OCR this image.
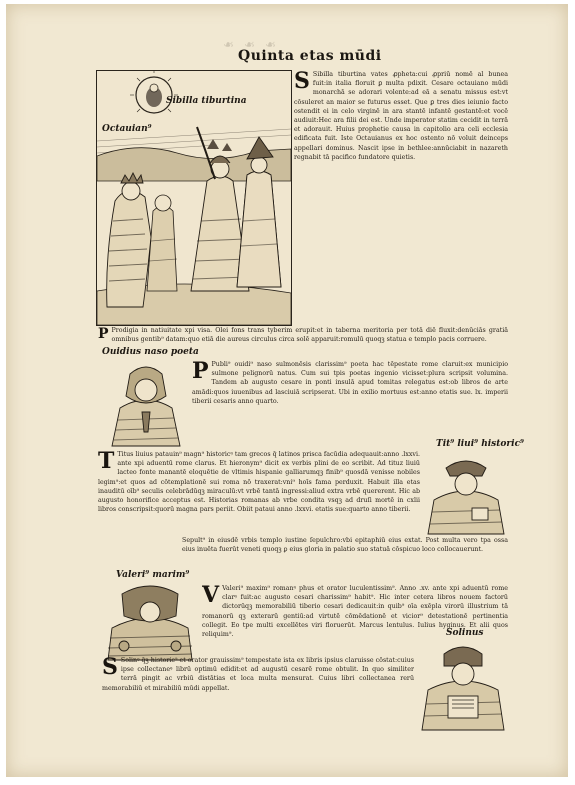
❧ ❧ ❧
Quinta etas mūdi
Sibilla tiburtina
Octauian⁹
S Sibilla tiburtina vates ꝓpheta:cui ꝓpriū nomē al bunea fuit:in italia floruit ꝑ multa pdixit. Cesare octauiano mūdi monarchā se adorari volente:ad eā a senatu missus est:vt cōsuleret an maior se futurus esset. Que ꝑ tres dies ieiunio facto ostendit ei in celo virginē in ara stantē infantē gestantē:et vocē audiuit:Hec ara filii dei est. Unde imperator statim cecidit in terrā et adorauit. Huius prophetie causa in capitolio ara celi ecclesia edificata fuit. Iste Octauianus ex hoc ostento nō voluit deinceps appellari dominus. Nascit ipse in bethlee:annūciabit in nazareth regnabit tā pacifico fundatore quietis.
P Prodigia in natiuitate xpi visa. Olei fons trans tyberim erupit:et in taberna meritoria per totā diē fluxit:denūciās gratiā omnibus gentib⁹ datam:quo etiā die aureus circulus circa solē apparuit:romulū quoqꝫ statua e templo pacis corruere.
Ouidius naso poeta
P Publi⁹ ouidi⁹ naso sulmonēsis clarissim⁹ poeta hac tēpestate rome claruit:ex municipio sulmone pelignorū natus. Cum sui tpis poetas ingenio vicisset:plura scripsit volumina. Tandem ab augusto cesare in ponti insulā apud tomitas relegatus est:ob libros de arte amādi:quos iuuenibus ad lasciuiā scripserat. Ubi in exilio mortuus est:anno etatis sue. lx. imperii tiberii cesaris anno quarto.
Tit⁹ liui⁹ historic⁹
T Titus liuius patauin⁹ magn⁹ historicꝰ tam grecos q̄ latinos prisca facūdia adequauit:anno .lxxvi. ante xpi aduentū rome clarus. Et hieronym⁹ dicit ex verbis plini de eo scribit. Ad tituz liuiū lacteo fonte manantē eloquētie de vltimis hispanie galliarumqꝫ finib⁹ quosdā venisse nobiles legim⁹:et quos ad cōtemplationē sui roma nō traxerat:vni⁹ hoīs fama perduxit. Habuit illa etas inauditū oīb⁹ seculis celebrādūqꝫ miraculū:vt vrbē tantā ingressi:aliud extra vrbē quererent. Hic ab augusto honorifice acceptus est. Historias romanas ab vrbe condita vsqꝫ ad druſi mortē in cxlii libros conscripsit:quorū magna pars periit. Obiit pataui anno .lxxvi. etatis sue:quarto anno tiberii.
Sepult⁹ in eiusdē vrbis templo iustine ſepulchro:vbi epitaphiū eius extat. Post multa vero tpa ossa eius inuēta fuerūt veneti quoqꝫ ꝑ eius gloria in palatio suo statuā cōspicuo loco collocauerunt.
Valeri⁹ marim⁹
V Valeri⁹ maxim⁹ romanꝰ phus et orator luculentissim⁹. Anno .xv. ante xpi aduentū rome clarꝰ fuit:ac augusto cesari charissim⁹ habit⁹. Hic inter cetera libros nouem factorū dictorūqꝫ memorabiliū tiberio cesari dedicauit:in quib⁹ oīa exēpla virorū illustrium tā romanorū qꝫ exterarū gentiū:ad virtutē cōmēdationē et vicior⁹ detestationē pertinentia collegit. Eo tpe multi excellētes viri floruerūt. Marcus lentulus. Iulius hyginus. Et alii quos reliquim⁹.	Solinus
S Solinꝰ q̄ꝫ historic⁹ et orator grauissim⁹ tempestate ista ex libris ipsius claruisse cōstat:cuius ipse collectaneꝰ librū optimū edidit:et ad augustū cesarē rome obtulit. In quo similiter terrā pingit ac vrbiū distātias et loca multa mensurat. Cuius libri collectanea rerū memorabiliū et mirabiliū mūdi appellat.
